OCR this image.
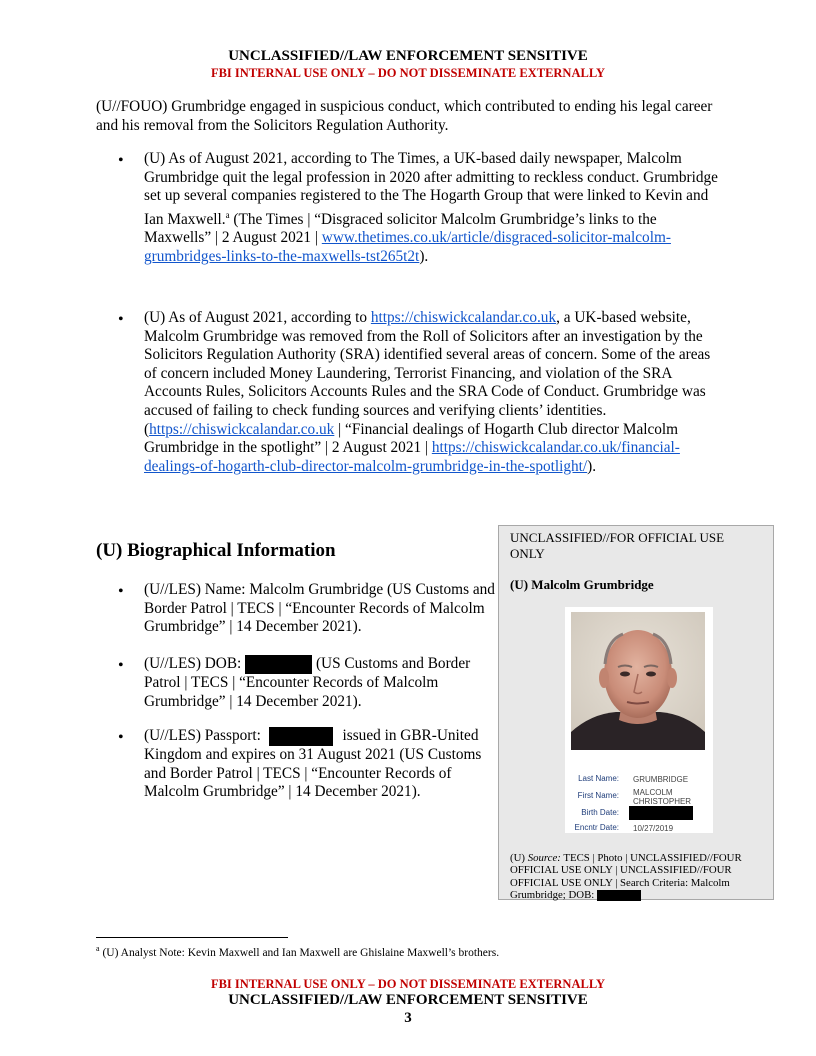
UNCLASSIFIED//LAW ENFORCEMENT SENSITIVE
FBI INTERNAL USE ONLY – DO NOT DISSEMINATE EXTERNALLY
(U//FOUO) Grumbridge engaged in suspicious conduct, which contributed to ending his legal career and his removal from the Solicitors Regulation Authority.
• (U) As of August 2021, according to The Times, a UK-based daily newspaper, Malcolm Grumbridge quit the legal profession in 2020 after admitting to reckless conduct. Grumbridge set up several companies registered to the The Hogarth Group that were linked to Kevin and Ian Maxwell.$^a$ (The Times | “Disgraced solicitor Malcolm Grumbridge’s links to the Maxwells” | 2 August 2021 | www.thetimes.co.uk/article/disgraced-solicitor-malcolm-grumbridges-links-to-the-maxwells-tst265t2t).
• (U) As of August 2021, according to https://chiswickcalandar.co.uk, a UK-based website, Malcolm Grumbridge was removed from the Roll of Solicitors after an investigation by the Solicitors Regulation Authority (SRA) identified several areas of concern. Some of the areas of concern included Money Laundering, Terrorist Financing, and violation of the SRA Accounts Rules, Solicitors Accounts Rules and the SRA Code of Conduct. Grumbridge was accused of failing to check funding sources and verifying clients’ identities. (https://chiswickcalandar.co.uk | “Financial dealings of Hogarth Club director Malcolm Grumbridge in the spotlight” | 2 August 2021 | https://chiswickcalandar.co.uk/financial-dealings-of-hogarth-club-director-malcolm-grumbridge-in-the-spotlight/).
(U) Biographical Information
• (U//LES) Name: Malcolm Grumbridge (US Customs and Border Patrol | TECS | “Encounter Records of Malcolm Grumbridge” | 14 December 2021).
• (U//LES) DOB:	(US Customs and Border Patrol | TECS | “Encounter Records of Malcolm Grumbridge” | 14 December 2021).
• (U//LES) Passport:	issued in GBR-United Kingdom and expires on 31 August 2021 (US Customs and Border Patrol | TECS | “Encounter Records of Malcolm Grumbridge” | 14 December 2021).
UNCLASSIFIED//FOR OFFICIAL USE ONLY
(U) Malcolm Grumbridge
Last Name: GRUMBRIDGE
First Name: MALCOLM
CHRISTOPHER
Birth Date:
Encntr Date: 10/27/2019
(U) Source: TECS | Photo | UNCLASSIFIED//FOUR OFFICIAL USE ONLY | UNCLASSIFIED//FOUR OFFICIAL USE ONLY | Search Criteria: Malcolm Grumbridge; DOB:
$^a$ (U) Analyst Note: Kevin Maxwell and Ian Maxwell are Ghislaine Maxwell’s brothers.
FBI INTERNAL USE ONLY – DO NOT DISSEMINATE EXTERNALLY
UNCLASSIFIED//LAW ENFORCEMENT SENSITIVE
3
